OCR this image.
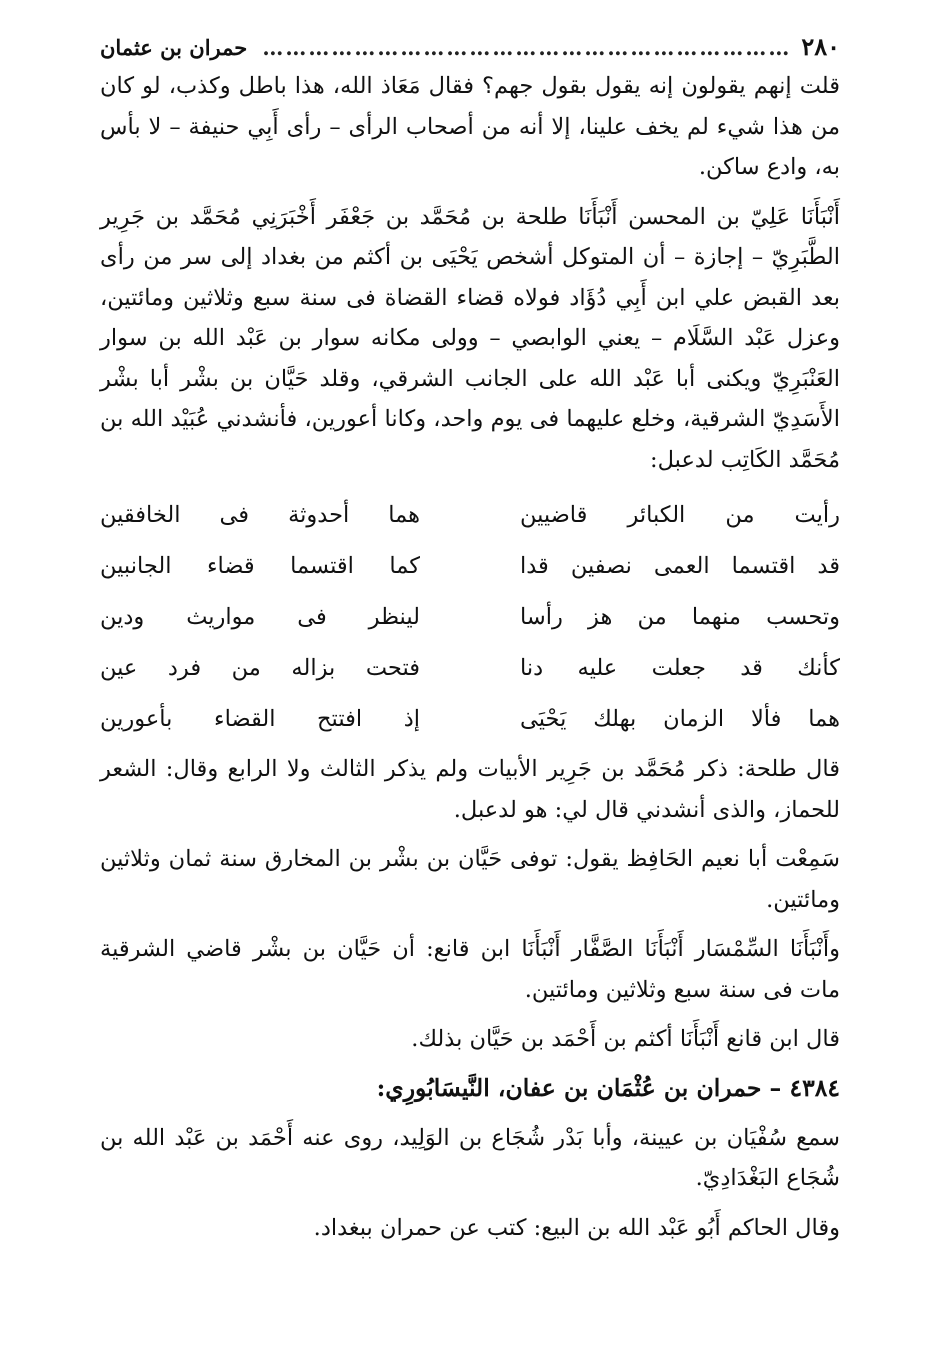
٢٨٠
……………………………………………………………
حمران بن عثمان

قلت إنهم يقولون إنه يقول بقول جهم؟ فقال مَعَاذ الله، هذا باطل وكذب، لو كان من هذا شيء لم يخف علينا، إلا أنه من أصحاب الرأى – رأى أَبِي حنيفة – لا بأس به، وادع ساكن.

أَنْبَأَنَا عَلِيّ بن المحسن أَنْبَأَنَا طلحة بن مُحَمَّد بن جَعْفَر أَخْبَرَنِي مُحَمَّد بن جَرِير الطَّبَرِيّ – إجازة – أن المتوكل أشخص يَحْيَى بن أكثم من بغداد إلى سر من رأى بعد القبض علي ابن أَبِي دُؤَاد فولاه قضاء القضاة فى سنة سبع وثلاثين ومائتين، وعزل عَبْد السَّلَام – يعني الوابصي – وولى مكانه سوار بن عَبْد الله بن سوار العَنْبَرِيّ ويكنى أبا عَبْد الله على الجانب الشرقي، وقلد حَيَّان بن بشْر أبا بشْر الأَسَدِيّ الشرقية، وخلع عليهما فى يوم واحد، وكانا أعورين، فأنشدني عُبَيْد الله بن مُحَمَّد الكَاتِب لدعبل:

رأيت من الكبائر قاضيين
هما أحدوثة فى الخافقين
قد اقتسما العمى نصفين قدا
كما اقتسما قضاء الجانبين
وتحسب منهما من هز رأسا
لينظر فى مواريث ودين
كأنك قد جعلت عليه دنا
فتحت بزاله من فرد عين
هما فألا الزمان بهلك يَحْيَى
إذ افتتح القضاء بأعورين

قال طلحة: ذكر مُحَمَّد بن جَرِير الأبيات ولم يذكر الثالث ولا الرابع وقال: الشعر للحماز، والذى أنشدني قال لي: هو لدعبل.

سَمِعْت أبا نعيم الحَافِظ يقول: توفى حَيَّان بن بشْر بن المخارق سنة ثمان وثلاثين ومائتين.

وأَنْبَأَنَا السِّمْسَار أَنْبَأَنَا الصَّفَّار أَنْبَأَنَا ابن قانع: أن حَيَّان بن بشْر قاضي الشرقية مات فى سنة سبع وثلاثين ومائتين.

قال ابن قانع أَنْبَأَنَا أكثم بن أَحْمَد بن حَيَّان بذلك.

٤٣٨٤ – حمران بن عُثْمَان بن عفان، النَّيسَابُورِي:

سمع سُفْيَان بن عيينة، وأبا بَدْر شُجَاع بن الوَلِيد، روى عنه أَحْمَد بن عَبْد الله بن شُجَاع البَغْدَادِيّ.

وقال الحاكم أَبُو عَبْد الله بن البيع: كتب عن حمران ببغداد.
